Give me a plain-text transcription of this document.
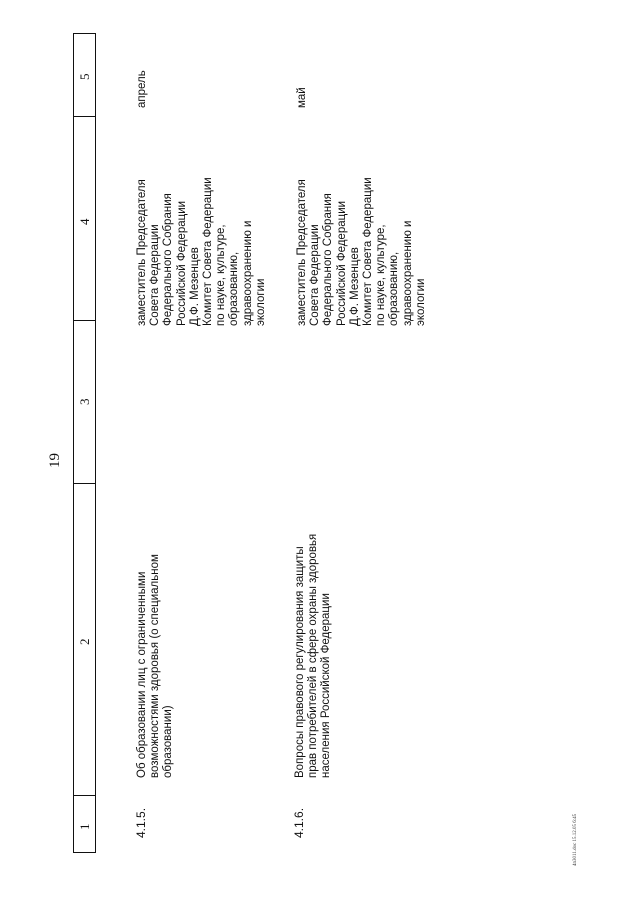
19
5
4
3
2
1	4.1.5.
Об образовании лиц с ограниченными возможностями здоровья (о специальном образовании)
заместитель Председателя Совета Федерации Федерального Собрания Российской Федерации Д.Ф. Мезенцев Комитет Совета Федерации по науке, культуре, образованию, здравоохранению и экологии
апрель
4.1.6.
Вопросы правового регулирования защиты прав потребителей в сфере охраны здоровья населения Российской Федерации
заместитель Председателя Совета Федерации Федерального Собрания Российской Федерации Д.Ф. Мезенцев Комитет Совета Федерации по науке, культуре, образованию, здравоохранению и экологии
май
4n3011.doc 15.12.05 6:45
